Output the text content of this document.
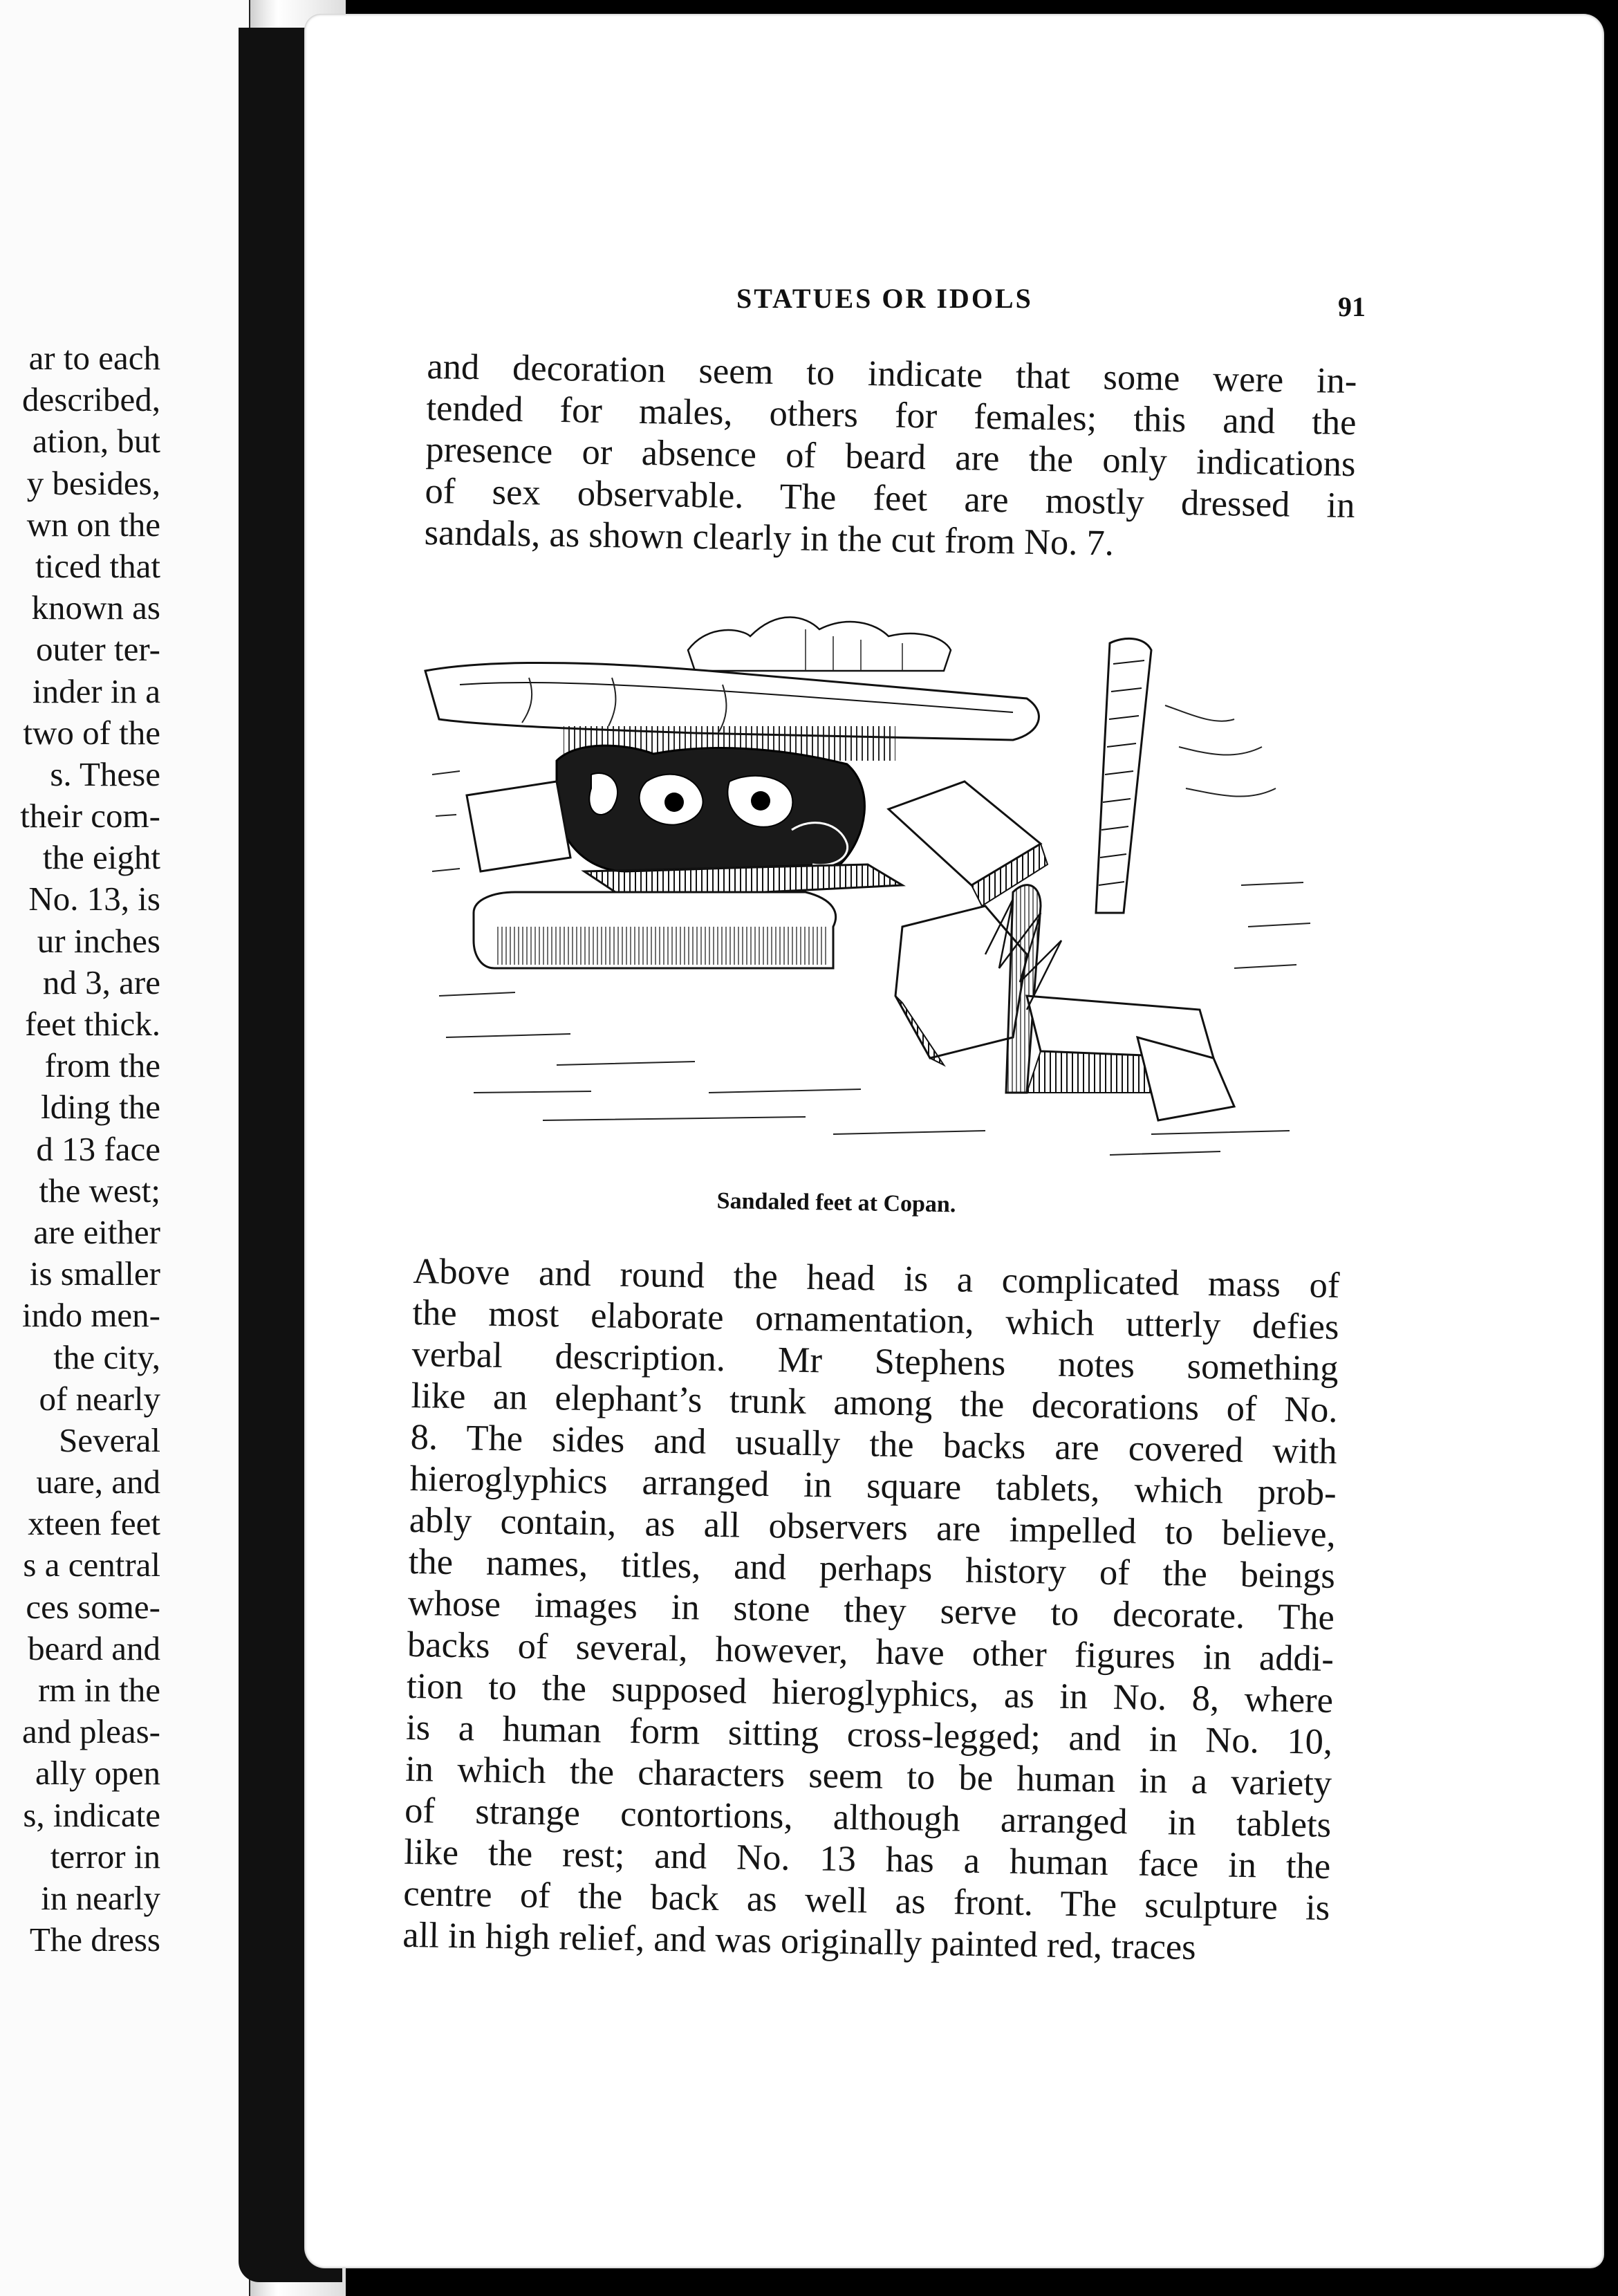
ar to each
described,
ation, but
y besides,
wn on the
ticed that
known as
outer ter-
inder in a
two of the
s. These
their com-
the eight
No. 13, is
ur inches
nd 3, are
feet thick.
from the
lding the
d 13 face
the west;
are either
is smaller
indo men-
the city,
of nearly
Several
uare, and
xteen feet
s a central
ces some-
beard and
rm in the
and pleas-
ally open
s, indicate
terror in
in nearly
The dress
STATUES OR IDOLS	91
and decoration seem to indicate that some were in-
tended for males, others for females; this and the
presence or absence of beard are the only indications
of sex observable. The feet are mostly dressed in
sandals, as shown clearly in the cut from No. 7.
Sandaled feet at Copan.
Above and round the head is a complicated mass of
the most elaborate ornamentation, which utterly defies
verbal description. Mr Stephens notes something
like an elephant’s trunk among the decorations of No.
8. The sides and usually the backs are covered with
hieroglyphics arranged in square tablets, which prob-
ably contain, as all observers are impelled to believe,
the names, titles, and perhaps history of the beings
whose images in stone they serve to decorate. The
backs of several, however, have other figures in addi-
tion to the supposed hieroglyphics, as in No. 8, where
is a human form sitting cross-legged; and in No. 10,
in which the characters seem to be human in a variety
of strange contortions, although arranged in tablets
like the rest; and No. 13 has a human face in the
centre of the back as well as front. The sculpture is
all in high relief, and was originally painted red, traces
